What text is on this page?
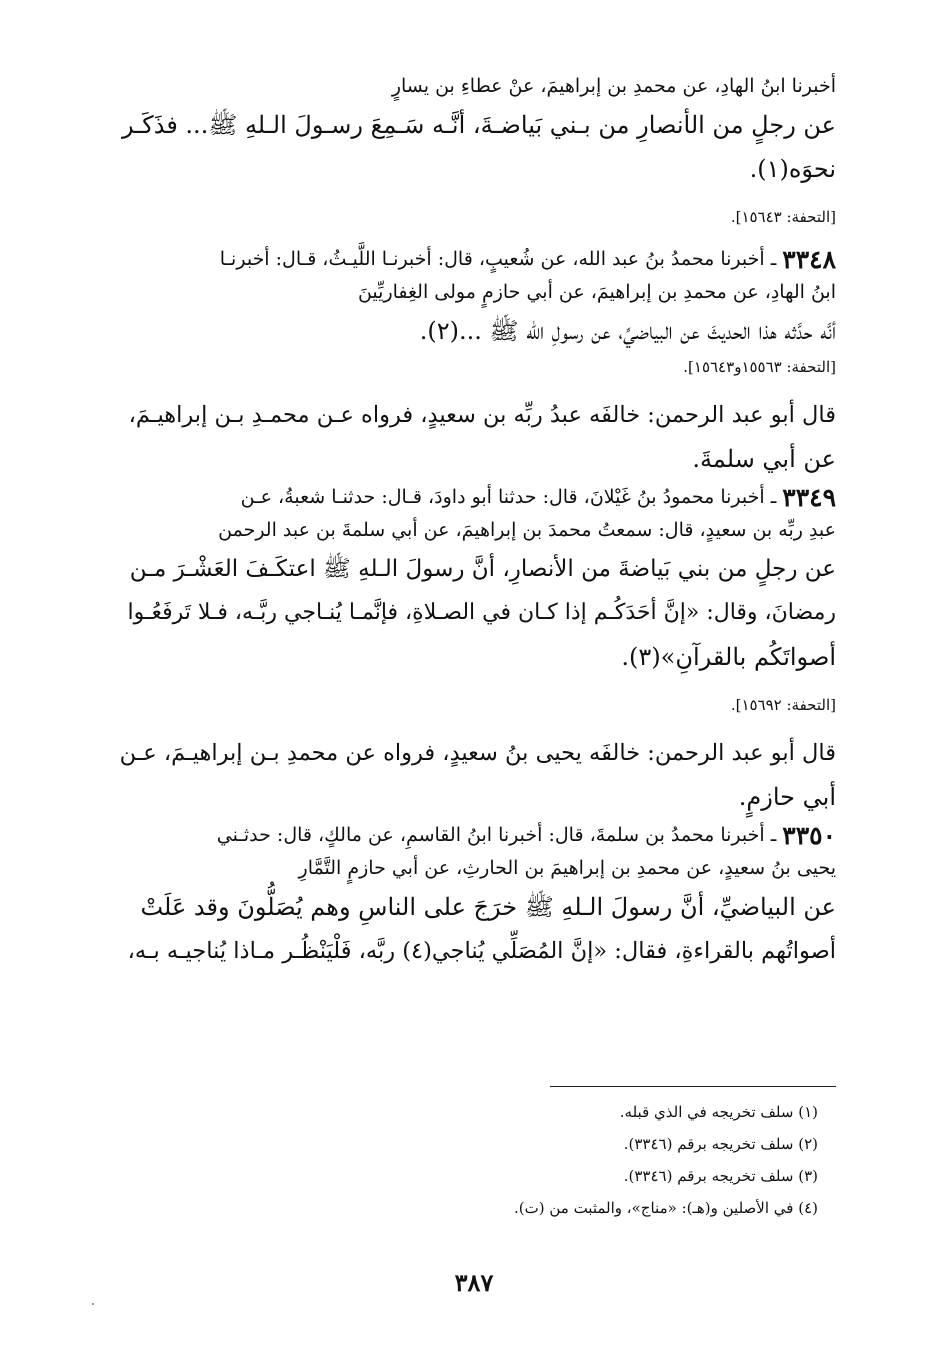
أخبرنا ابنُ الهادِ، عن محمدِ بن إبراهيمَ، عنْ عطاءِ بن يسارٍ
عن رجلٍ من الأنصارِ من بـني بَياضـةَ، أنَّـه سَـمِعَ رسـولَ الـلهِ ﷺ... فذَكَـر
نحوَه(١).
[التحفة: ١٥٦٤٣].
٣٣٤٨
ـ أخبرنا محمدُ بنُ عبد الله، عن شُعيبٍ، قال: أخبرنـا اللَّيـثُ، قـال: أخبرنـا
ابنُ الهادِ، عن محمدِ بن إبراهيمَ، عن أبي حازمٍ مولى الغِفاريِّينَ
أنَّه حدَّثه هذا الحديثَ عن البياضيِّ، عن رسولِ الله ﷺ ...(٢).
[التحفة: ١٥٥٦٣و١٥٦٤٣].
قال أبو عبد الرحمن: خالفَه عبدُ ربِّه بن سعيدٍ، فرواه عـن محمـدِ بـن إبراهيـمَ،
عن أبي سلمةَ.
٣٣٤٩
ـ أخبرنا محمودُ بنُ غَيْلانَ، قال: حدثنا أبو داودَ، قـال: حدثنـا شعبةُ، عـن
عبدِ ربِّه بن سعيدٍ، قال: سمعتُ محمدَ بن إبراهيمَ، عن أبي سلمةَ بن عبد الرحمن
عن رجلٍ من بني بَياضةَ من الأنصارِ، أنَّ رسولَ الـلهِ ﷺ اعتكَـفَ العَشْـرَ مـن
رمضانَ، وقال: «إنَّ أحَدَكُـم إذا كـان في الصـلاةِ، فإنَّمـا يُنـاجي ربَّـه، فـلا تَرفَعُـوا
أصواتَكُم بالقرآنِ»(٣).
[التحفة: ١٥٦٩٢].
قال أبو عبد الرحمن: خالفَه يحيى بنُ سعيدٍ، فرواه عن محمدِ بـن إبراهيـمَ، عـن
أبي حازمٍ.
٣٣٥٠
ـ أخبرنا محمدُ بن سلمةَ، قال: أخبرنا ابنُ القاسمِ، عن مالكٍ، قال: حدثـني
يحيى بنُ سعيدٍ، عن محمدِ بن إبراهيمَ بن الحارثِ، عن أبي حازمٍ التَّمَّارِ
عن البياضيِّ، أنَّ رسولَ الـلهِ ﷺ خرَجَ على الناسِ وهم يُصَلُّونَ وقد عَلَتْ
أصواتُهم بالقراءةِ، فقال: «إنَّ المُصَلِّي يُناجي(٤) ربَّه، فَلْيَنْظُـر مـاذا يُناجيـه بـه،
(١) سلف تخريجه في الذي قبله.
(٢) سلف تخريجه برقم (٣٣٤٦).
(٣) سلف تخريجه برقم (٣٣٤٦).
(٤) في الأصلين و(هـ): «مناج»، والمثبت من (ت).
٣٨٧
